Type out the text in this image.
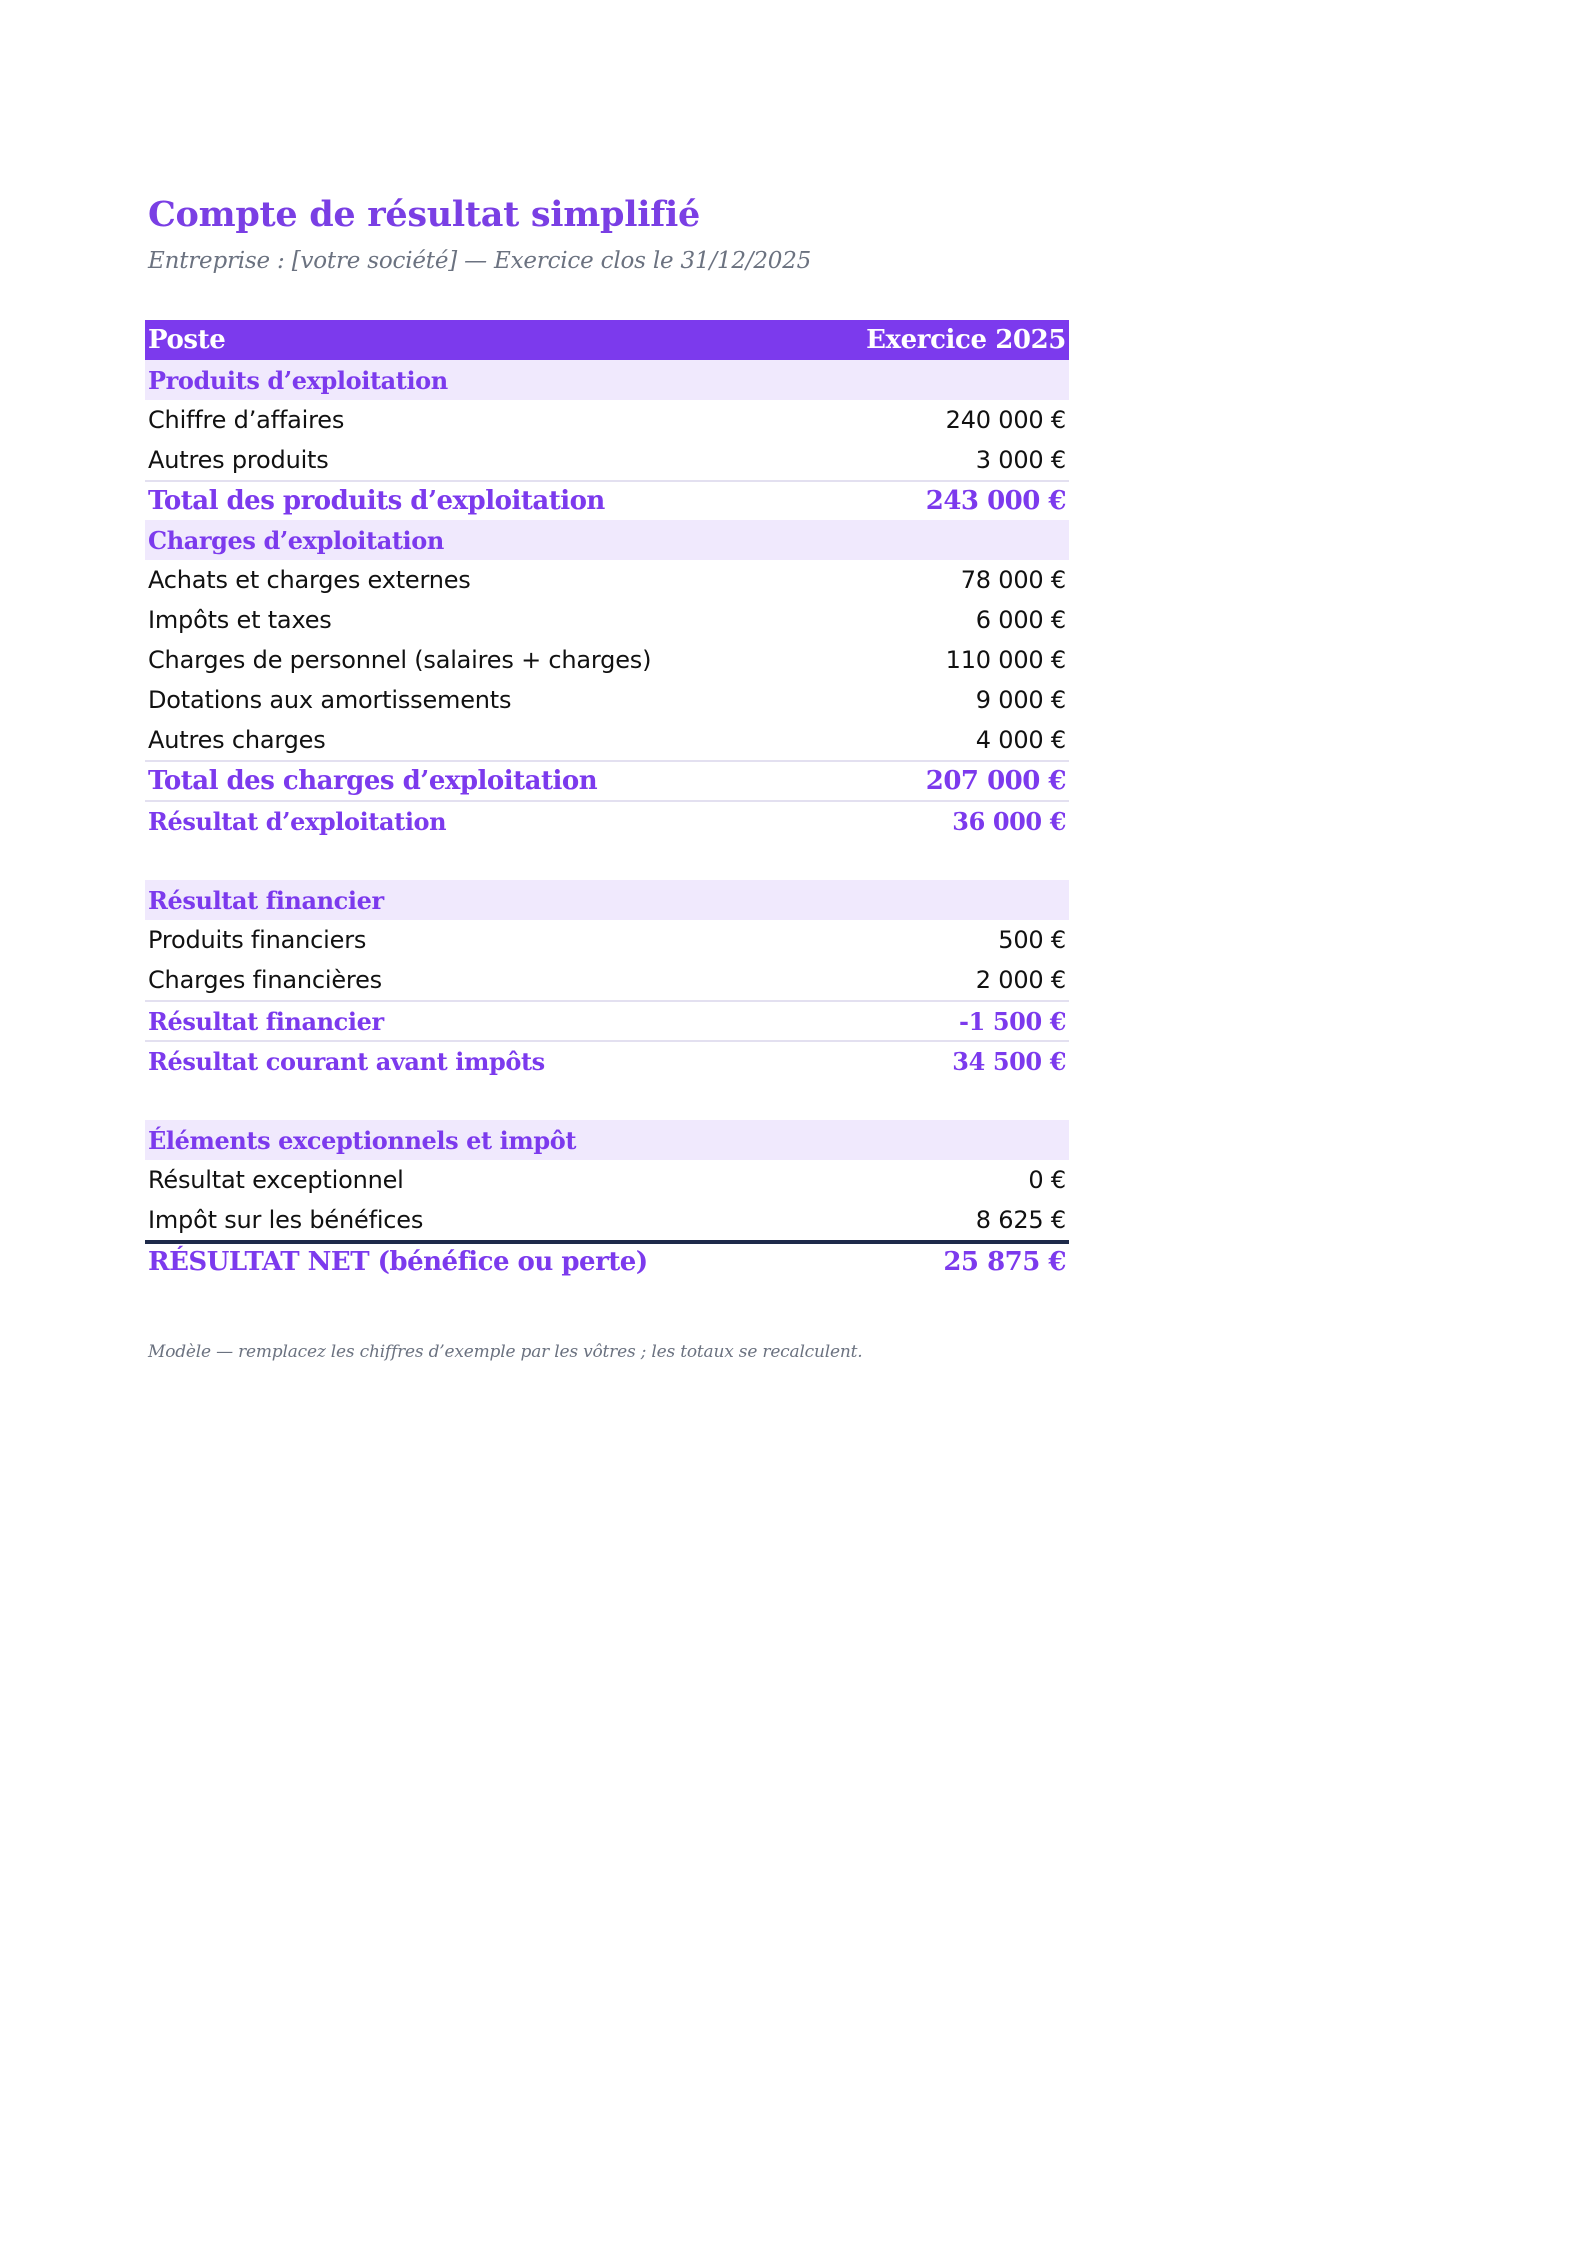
Compte de résultat simplifié

Entreprise : [votre société] — Exercice clos le 31/12/2025

Poste	Exercice 2025
Produits d’exploitation
Chiffre d’affaires	240 000 €
Autres produits	3 000 €
Total des produits d’exploitation	243 000 €
Charges d’exploitation
Achats et charges externes	78 000 €
Impôts et taxes	6 000 €
Charges de personnel (salaires + charges)	110 000 €
Dotations aux amortissements	9 000 €
Autres charges	4 000 €
Total des charges d’exploitation	207 000 €
Résultat d’exploitation	36 000 €
Résultat financier
Produits financiers	500 €
Charges financières	2 000 €
Résultat financier	-1 500 €
Résultat courant avant impôts	34 500 €
Éléments exceptionnels et impôt
Résultat exceptionnel	0 €
Impôt sur les bénéfices	8 625 €
RÉSULTAT NET (bénéfice ou perte)	25 875 €

Modèle — remplacez les chiffres d’exemple par les vôtres ; les totaux se recalculent.
